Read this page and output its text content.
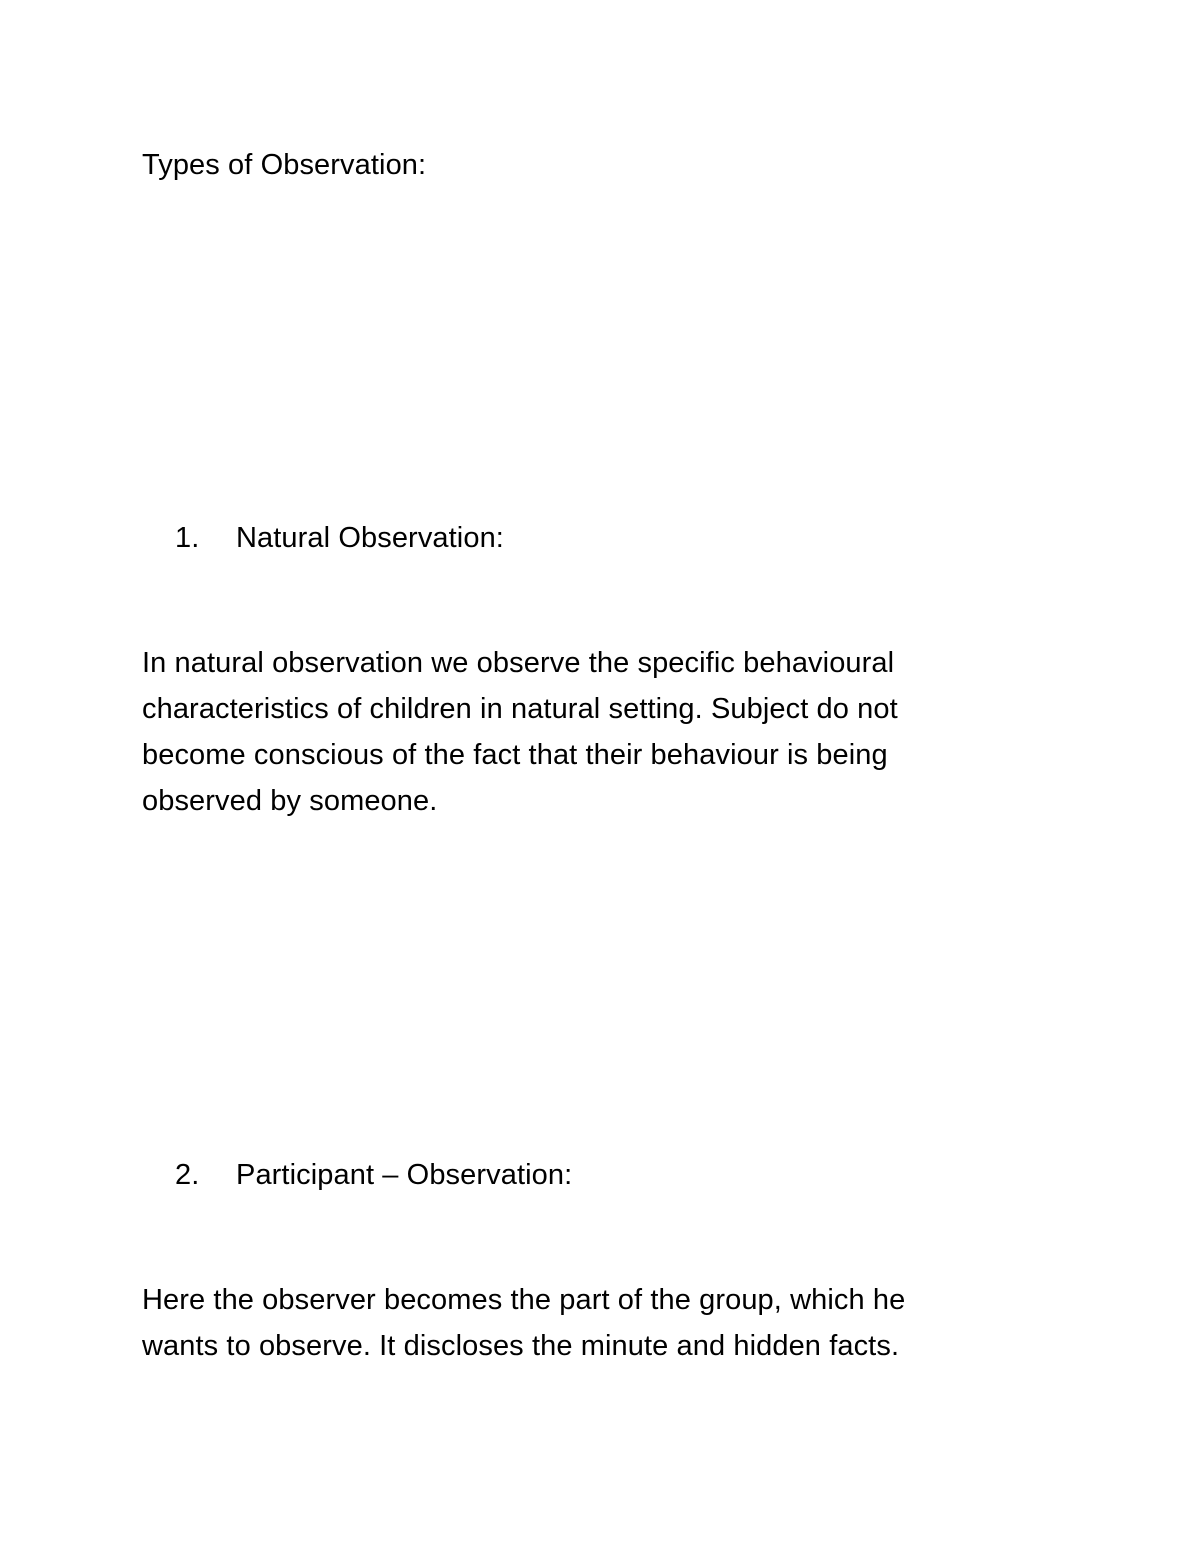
Types of Observation:
1. Natural Observation:
In natural observation we observe the specific behavioural
characteristics of children in natural setting. Subject do not
become conscious of the fact that their behaviour is being
observed by someone.
2. Participant – Observation:
Here the observer becomes the part of the group, which he
wants to observe. It discloses the minute and hidden facts.
